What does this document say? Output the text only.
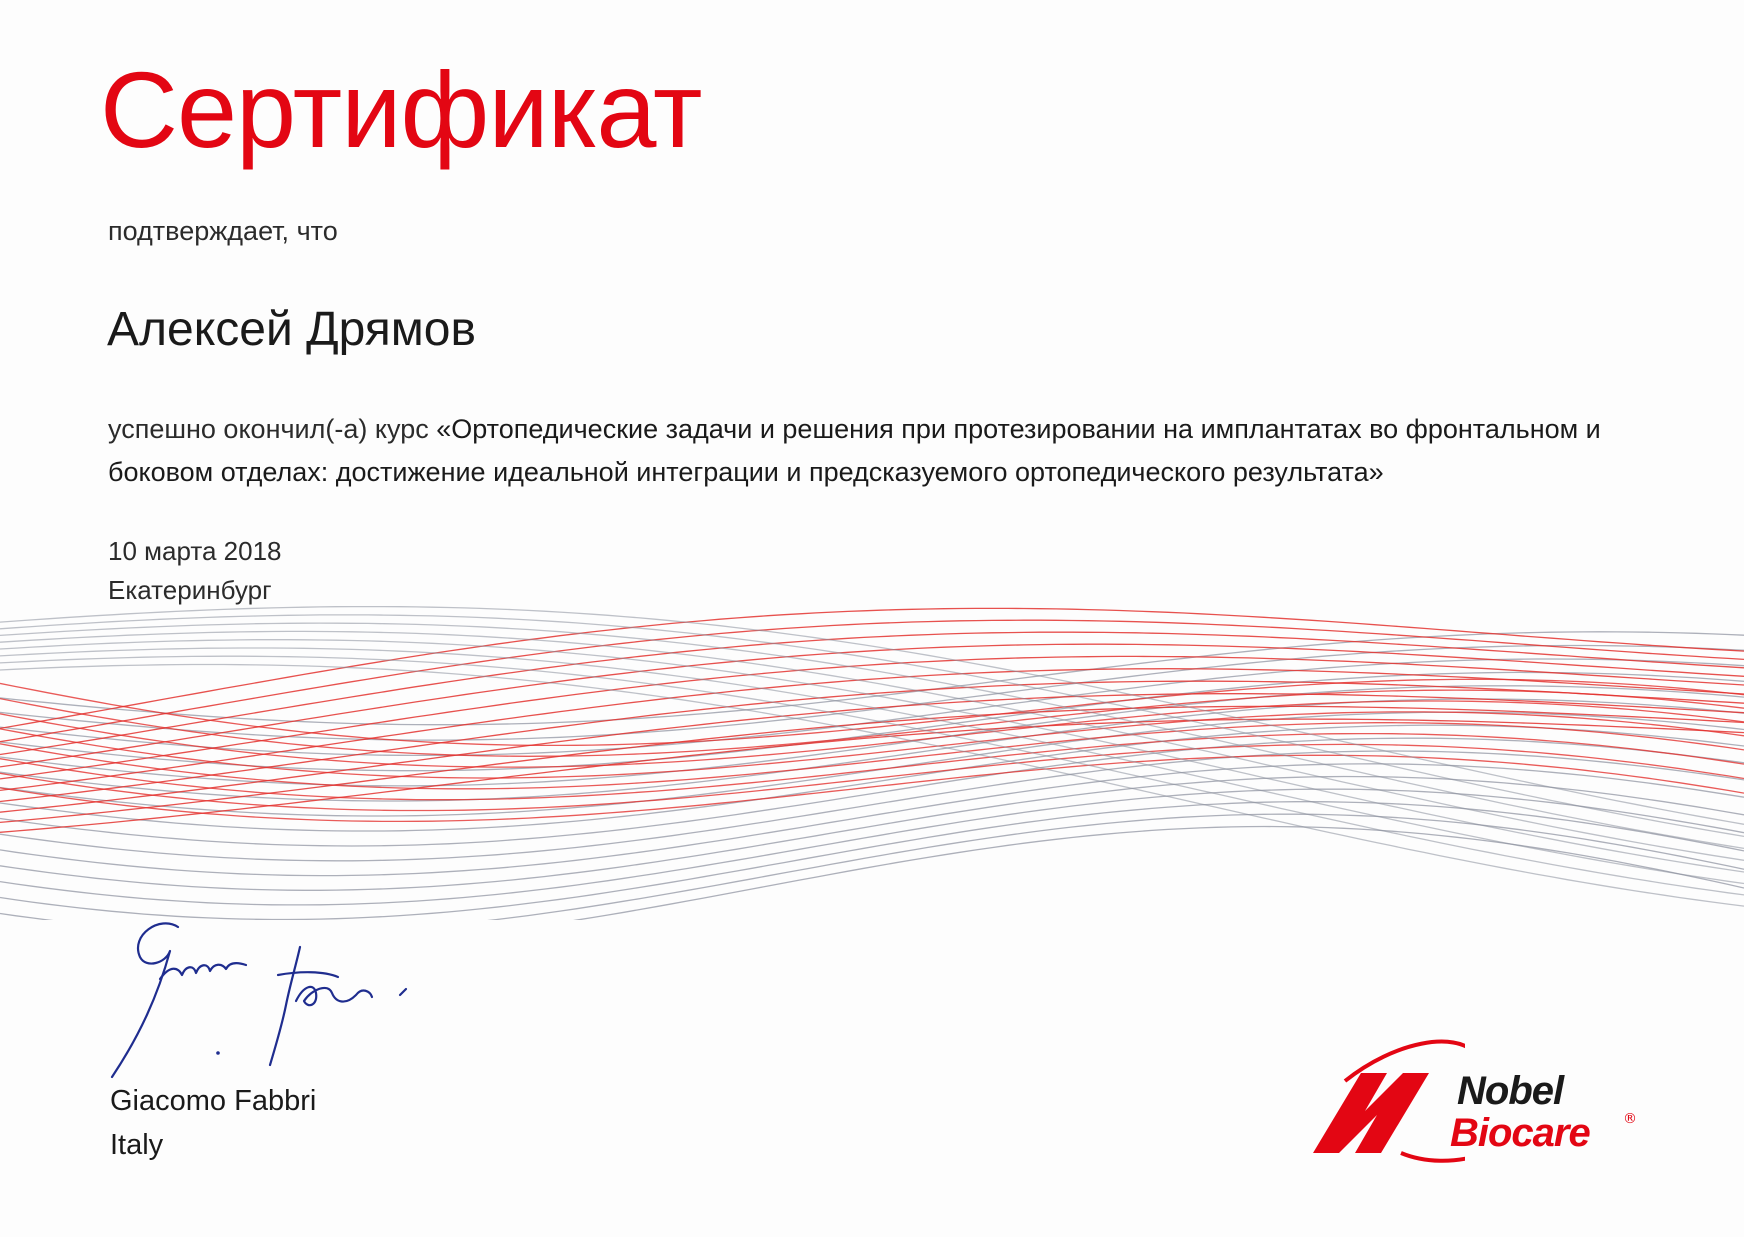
Сертификат
подтверждает, что
Алексей Дрямов
успешно окончил(-а) курс «Ортопедические задачи и решения при протезировании на имплантатах во фронтальном и боковом отделах: достижение идеальной интеграции и предсказуемого ортопедического результата»
10 марта 2018
Екатеринбург
Giacomo Fabbri
Italy
Nobel
Biocare ®
